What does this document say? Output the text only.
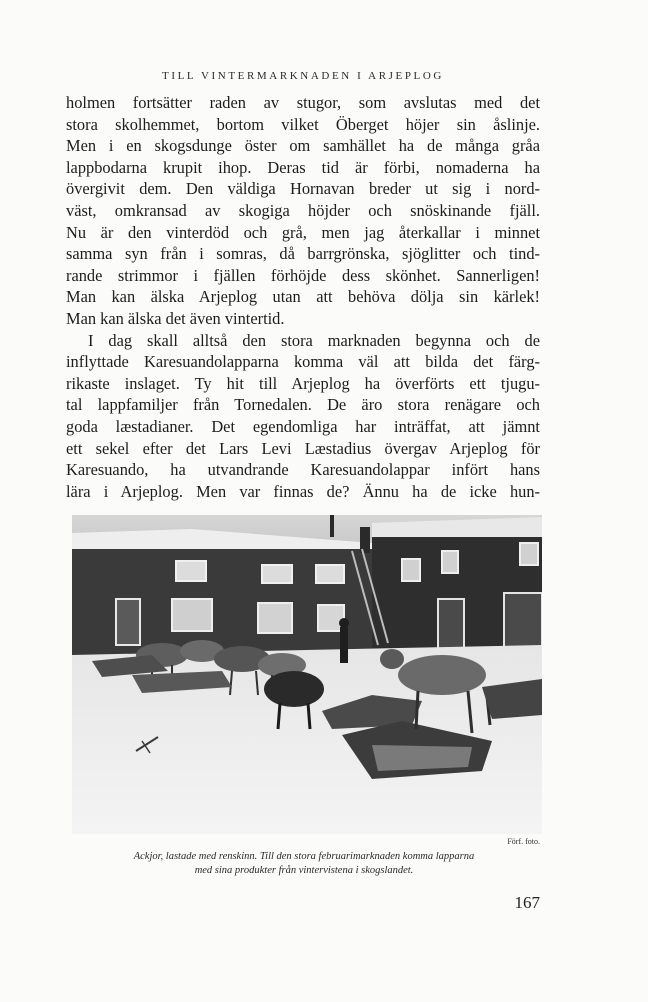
TILL VINTERMARKNADEN I ARJEPLOG
holmen fortsätter raden av stugor, som avslutas med det
stora skolhemmet, bortom vilket Öberget höjer sin åslinje.
Men i en skogsdunge öster om samhället ha de många gråa
lappbodarna krupit ihop. Deras tid är förbi, nomaderna ha
övergivit dem. Den väldiga Hornavan breder ut sig i nord-
väst, omkransad av skogiga höjder och snöskinande fjäll.
Nu är den vinterdöd och grå, men jag återkallar i minnet
samma syn från i somras, då barrgrönska, sjöglitter och tind-
rande strimmor i fjällen förhöjde dess skönhet. Sannerligen!
Man kan älska Arjeplog utan att behöva dölja sin kärlek!
Man kan älska det även vintertid.
I dag skall alltså den stora marknaden begynna och de
inflyttade Karesuandolapparna komma väl att bilda det färg-
rikaste inslaget. Ty hit till Arjeplog ha överförts ett tjugu-
tal lappfamiljer från Tornedalen. De äro stora renägare och
goda læstadianer. Det egendomliga har inträffat, att jämnt
ett sekel efter det Lars Levi Læstadius övergav Arjeplog för
Karesuando, ha utvandrande Karesuandolappar infört hans
lära i Arjeplog. Men var finnas de? Ännu ha de icke hun-
Förf. foto.
Ackjor, lastade med renskinn. Till den stora februarimarknaden komma lapparna
med sina produkter från vintervistena i skogslandet.
167
